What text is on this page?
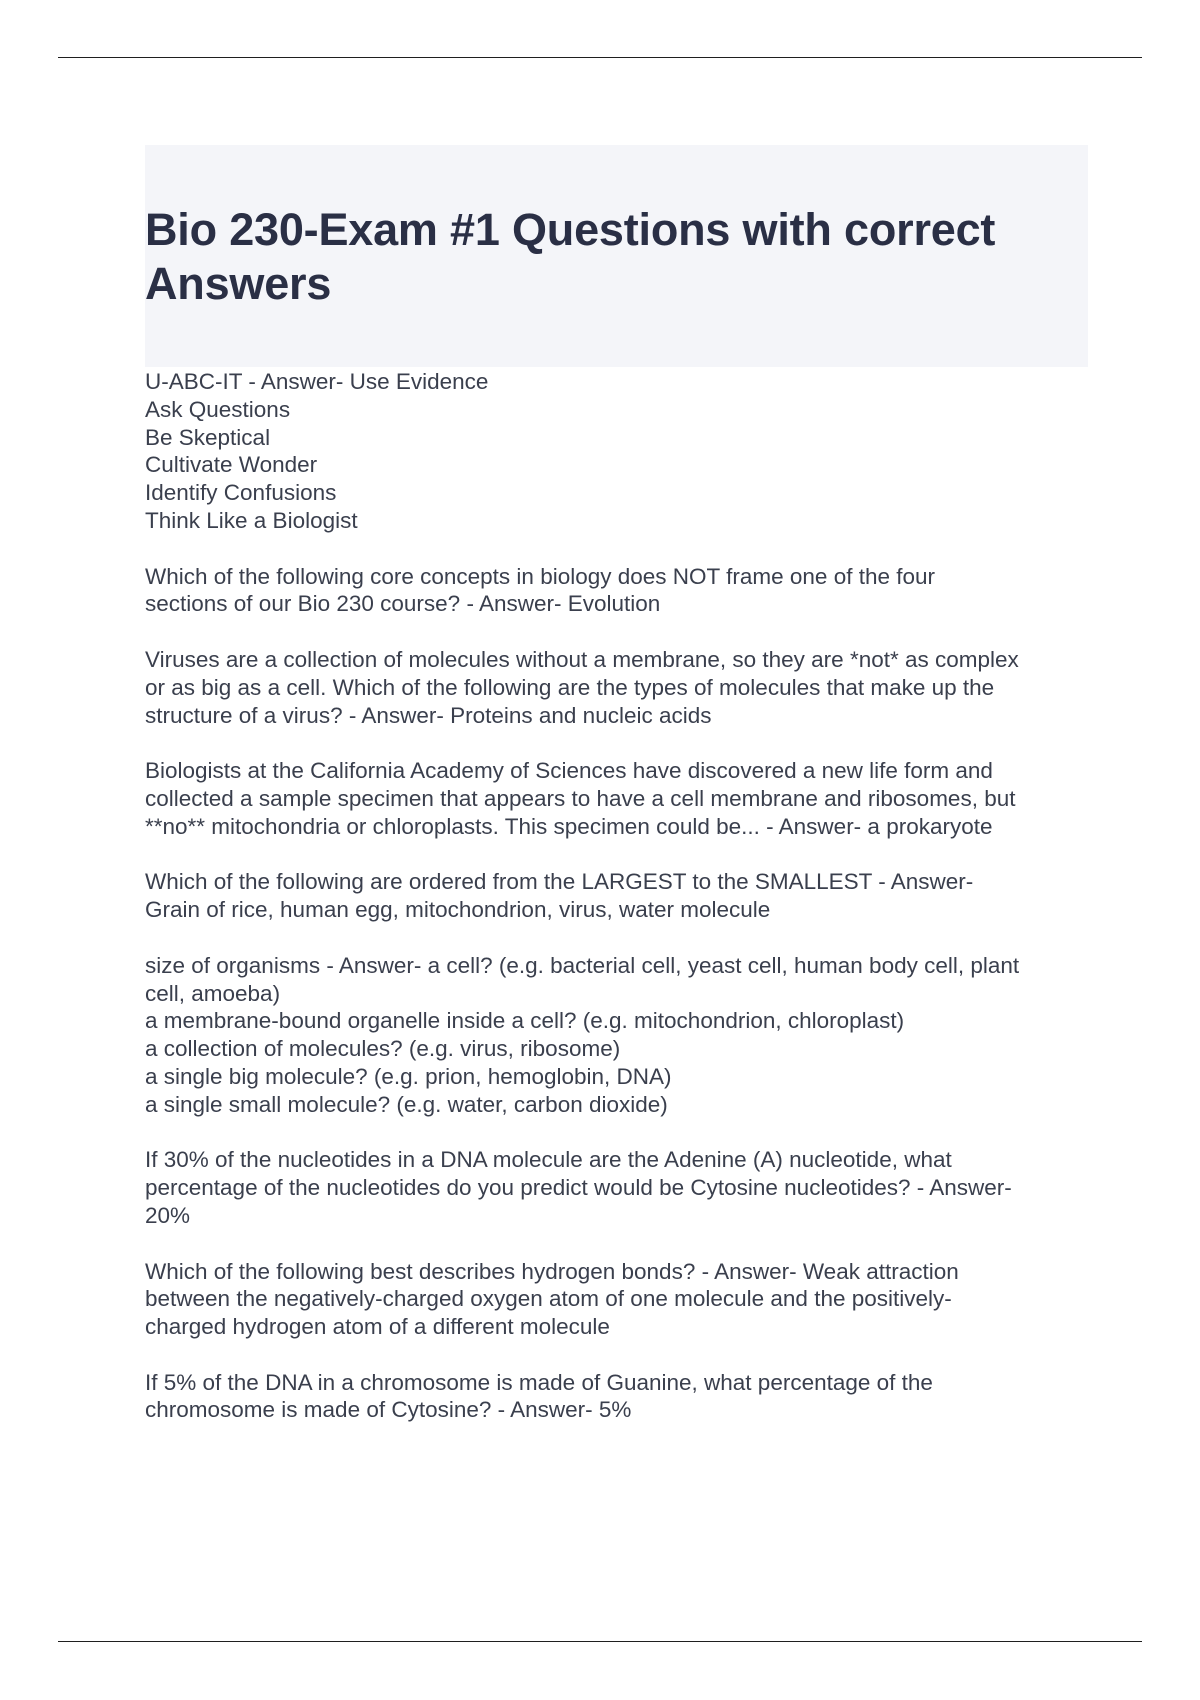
Bio 230-Exam #1 Questions with correct
Answers
U-ABC-IT - Answer- Use Evidence
Ask Questions
Be Skeptical
Cultivate Wonder
Identify Confusions
Think Like a Biologist
Which of the following core concepts in biology does NOT frame one of the four
sections of our Bio 230 course? - Answer- Evolution
Viruses are a collection of molecules without a membrane, so they are *not* as complex
or as big as a cell. Which of the following are the types of molecules that make up the
structure of a virus? - Answer- Proteins and nucleic acids
Biologists at the California Academy of Sciences have discovered a new life form and
collected a sample specimen that appears to have a cell membrane and ribosomes, but
**no** mitochondria or chloroplasts. This specimen could be... - Answer- a prokaryote
Which of the following are ordered from the LARGEST to the SMALLEST - Answer-
Grain of rice, human egg, mitochondrion, virus, water molecule
size of organisms - Answer- a cell? (e.g. bacterial cell, yeast cell, human body cell, plant
cell, amoeba)
a membrane-bound organelle inside a cell? (e.g. mitochondrion, chloroplast)
a collection of molecules? (e.g. virus, ribosome)
a single big molecule? (e.g. prion, hemoglobin, DNA)
a single small molecule? (e.g. water, carbon dioxide)
If 30% of the nucleotides in a DNA molecule are the Adenine (A) nucleotide, what
percentage of the nucleotides do you predict would be Cytosine nucleotides? - Answer-
20%
Which of the following best describes hydrogen bonds? - Answer- Weak attraction
between the negatively-charged oxygen atom of one molecule and the positively-
charged hydrogen atom of a different molecule
If 5% of the DNA in a chromosome is made of Guanine, what percentage of the
chromosome is made of Cytosine? - Answer- 5%
